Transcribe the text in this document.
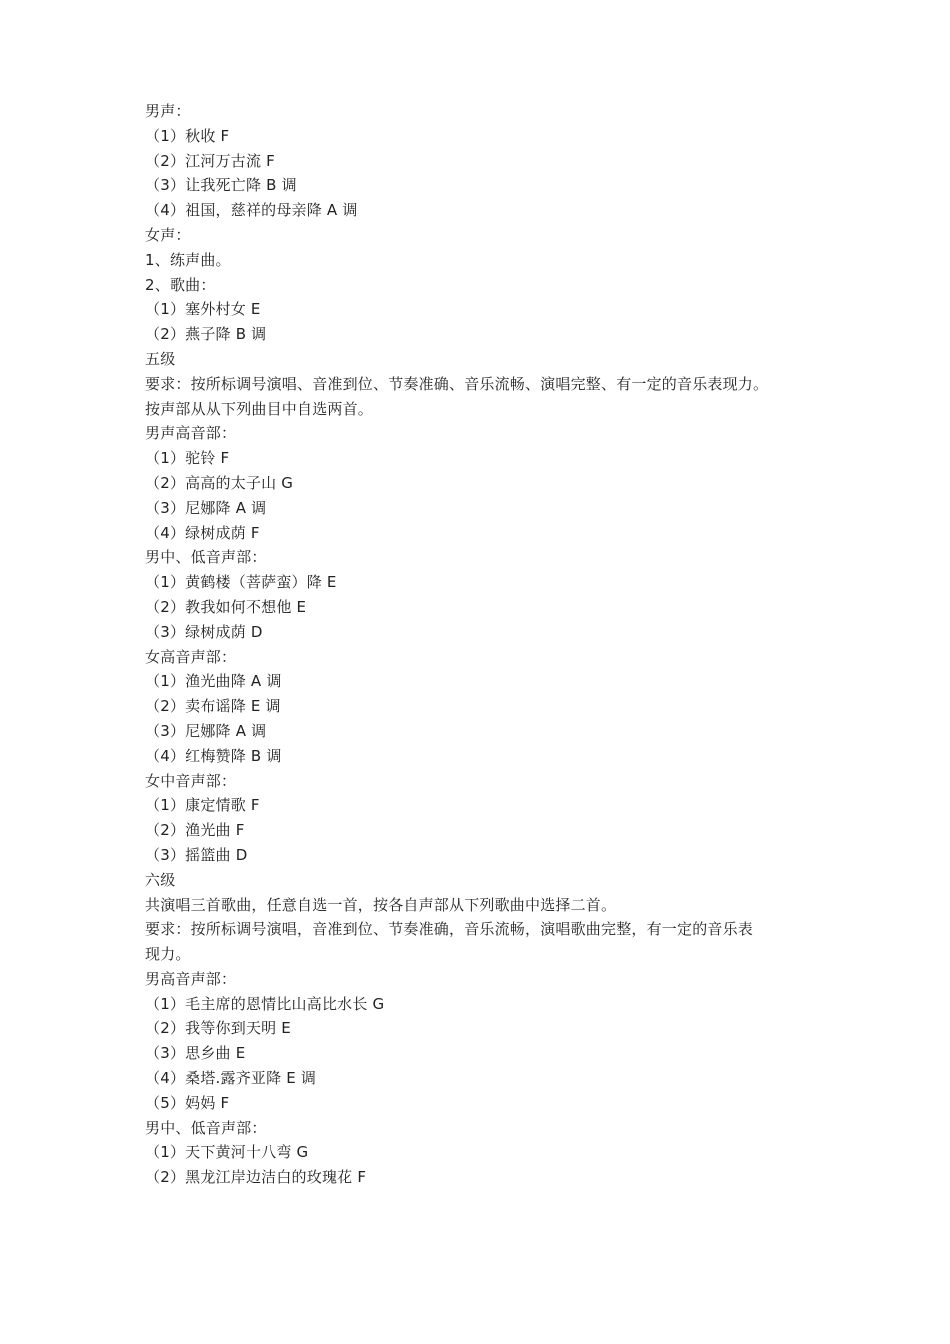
男声：
（1）秋收 F
（2）江河万古流 F
（3）让我死亡降 B 调
（4）祖国，慈祥的母亲降 A 调
女声：
1、练声曲。
2、歌曲：
（1）塞外村女 E
（2）燕子降 B 调
五级
要求：按所标调号演唱、音准到位、节奏准确、音乐流畅、演唱完整、有一定的音乐表现力。
按声部从从下列曲目中自选两首。
男声高音部：
（1）驼铃 F
（2）高高的太子山 G
（3）尼娜降 A 调
（4）绿树成荫 F
男中、低音声部：
（1）黄鹤楼（菩萨蛮）降 E
（2）教我如何不想他 E
（3）绿树成荫 D
女高音声部：
（1）渔光曲降 A 调
（2）卖布谣降 E 调
（3）尼娜降 A 调
（4）红梅赞降 B 调
女中音声部：
（1）康定情歌 F
（2）渔光曲 F
（3）摇篮曲 D
六级
共演唱三首歌曲，任意自选一首，按各自声部从下列歌曲中选择二首。
要求：按所标调号演唱，音准到位、节奏准确，音乐流畅，演唱歌曲完整，有一定的音乐表
现力。
男高音声部：
（1）毛主席的恩情比山高比水长 G
（2）我等你到天明 E
（3）思乡曲 E
（4）桑塔.露齐亚降 E 调
（5）妈妈 F
男中、低音声部：
（1）天下黄河十八弯 G
（2）黑龙江岸边洁白的玫瑰花 F
